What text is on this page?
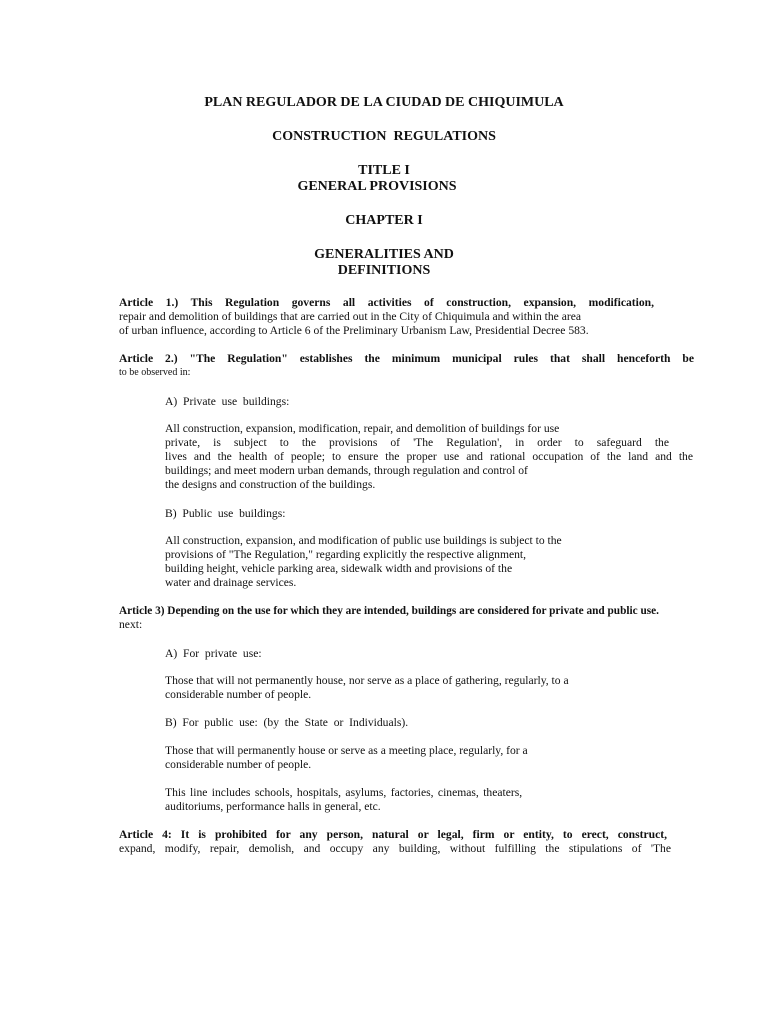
PLAN REGULADOR DE LA CIUDAD DE CHIQUIMULA
CONSTRUCTION  REGULATIONS
TITLE I
GENERAL PROVISIONS
CHAPTER I
GENERALITIES AND
DEFINITIONS
Article 1.) This Regulation governs all activities of construction, expansion, modification,
repair and demolition of buildings that are carried out in the City of Chiquimula and within the area
of urban influence, according to Article 6 of the Preliminary Urbanism Law, Presidential Decree 583.
Article 2.) "The Regulation" establishes the minimum municipal rules that shall henceforth be
to be observed in:
A)  Private  use  buildings:
All construction, expansion, modification, repair, and demolition of buildings for use
private, is subject to the provisions of 'The Regulation', in order to safeguard the
lives and the health of people; to ensure the proper use and rational occupation of the land and the
buildings; and meet modern urban demands, through regulation and control of
the designs and construction of the buildings.
B)  Public  use  buildings:
All construction, expansion, and modification of public use buildings is subject to the
provisions of "The Regulation," regarding explicitly the respective alignment,
building height, vehicle parking area, sidewalk width and provisions of the
water and drainage services.
Article 3) Depending on the use for which they are intended, buildings are considered for private and public use.
next:
A)  For  private  use:
Those that will not permanently house, nor serve as a place of gathering, regularly, to a
considerable number of people.
B)  For  public  use:  (by  the  State  or  Individuals).
Those that will permanently house or serve as a meeting place, regularly, for a
considerable number of people.
This line includes schools, hospitals, asylums, factories, cinemas, theaters,
auditoriums, performance halls in general, etc.
Article 4: It is prohibited for any person, natural or legal, firm or entity, to erect, construct,
expand, modify, repair, demolish, and occupy any building, without fulfilling the stipulations of 'The
